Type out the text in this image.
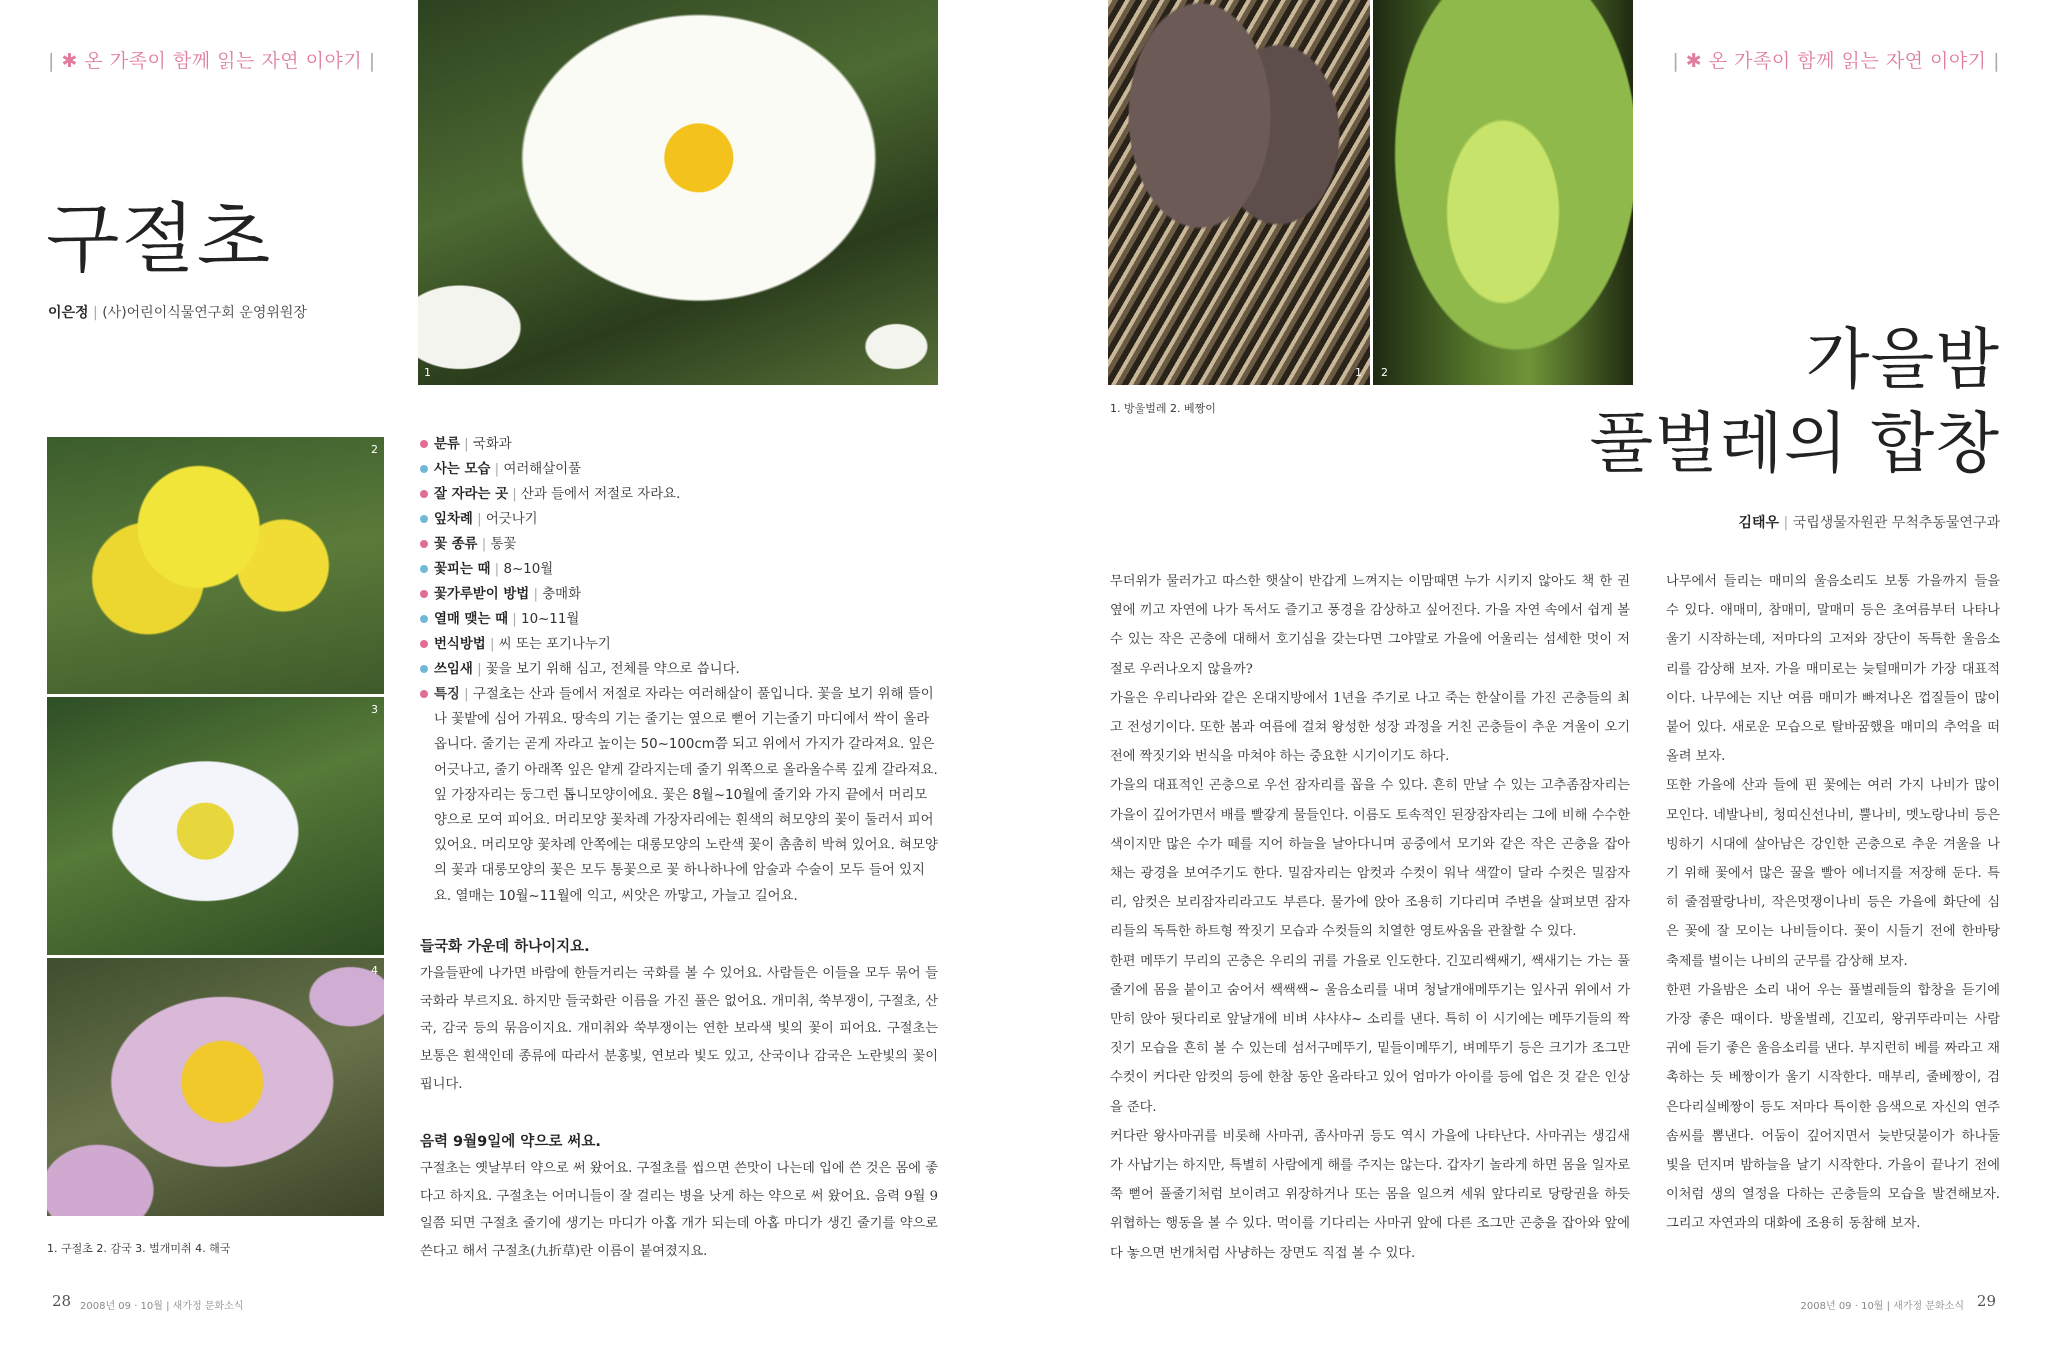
| ✱ 온 가족이 함께 읽는 자연 이야기 |
구절초
이은정 | (사)어린이식물연구회 운영위원장
1
2
3
4
1. 구절초 2. 감국 3. 벌개미취 4. 해국
분류 | 국화과
사는 모습 | 여러해살이풀
잘 자라는 곳 | 산과 들에서 저절로 자라요.
잎차례 | 어긋나기
꽃 종류 | 통꽃
꽃피는 때 | 8~10월
꽃가루받이 방법 | 충매화
열매 맺는 때 | 10~11월
번식방법 | 씨 또는 포기나누기
쓰임새 | 꽃을 보기 위해 심고, 전체를 약으로 씁니다.
특징 | 구절초는 산과 들에서 저절로 자라는 여러해살이 풀입니다. 꽃을 보기 위해 뜰이나 꽃밭에 심어 가꿔요. 땅속의 기는 줄기는 옆으로 뻗어 기는줄기 마디에서 싹이 올라옵니다. 줄기는 곧게 자라고 높이는 50~100cm쯤 되고 위에서 가지가 갈라져요. 잎은 어긋나고, 줄기 아래쪽 잎은 얕게 갈라지는데 줄기 위쪽으로 올라올수록 깊게 갈라져요. 잎 가장자리는 둥그런 톱니모양이에요. 꽃은 8월~10월에 줄기와 가지 끝에서 머리모양으로 모여 피어요. 머리모양 꽃차례 가장자리에는 흰색의 혀모양의 꽃이 둘러서 피어 있어요. 머리모양 꽃차례 안쪽에는 대롱모양의 노란색 꽃이 촘촘히 박혀 있어요. 혀모양의 꽃과 대롱모양의 꽃은 모두 통꽃으로 꽃 하나하나에 암술과 수술이 모두 들어 있지요. 열매는 10월~11월에 익고, 씨앗은 까맣고, 가늘고 길어요.
들국화 가운데 하나이지요.
가을들판에 나가면 바람에 한들거리는 국화를 볼 수 있어요. 사람들은 이들을 모두 묶어 들국화라 부르지요. 하지만 들국화란 이름을 가진 풀은 없어요. 개미취, 쑥부쟁이, 구절초, 산국, 감국 등의 묶음이지요. 개미취와 쑥부쟁이는 연한 보라색 빛의 꽃이 피어요. 구절초는 보통은 흰색인데 종류에 따라서 분홍빛, 연보라 빛도 있고, 산국이나 감국은 노란빛의 꽃이 핍니다.
음력 9월9일에 약으로 써요.
구절초는 옛날부터 약으로 써 왔어요. 구절초를 씹으면 쓴맛이 나는데 입에 쓴 것은 몸에 좋다고 하지요. 구절초는 어머니들이 잘 걸리는 병을 낫게 하는 약으로 써 왔어요. 음력 9월 9일쯤 되면 구절초 줄기에 생기는 마디가 아홉 개가 되는데 아홉 마디가 생긴 줄기를 약으로 쓴다고 해서 구절초(九折草)란 이름이 붙여졌지요.
28 2008년 09 · 10월 | 새가정 문화소식
| ✱ 온 가족이 함께 읽는 자연 이야기 |
1 2
1. 방울벌레 2. 베짱이
가을밤
풀벌레의 합창
김태우 | 국립생물자원관 무척추동물연구과
무더위가 물러가고 따스한 햇살이 반갑게 느껴지는 이맘때면 누가 시키지 않아도 책 한 권 옆에 끼고 자연에 나가 독서도 즐기고 풍경을 감상하고 싶어진다. 가을 자연 속에서 쉽게 볼 수 있는 작은 곤충에 대해서 호기심을 갖는다면 그야말로 가을에 어울리는 섬세한 멋이 저절로 우러나오지 않을까?
가을은 우리나라와 같은 온대지방에서 1년을 주기로 나고 죽는 한살이를 가진 곤충들의 최고 전성기이다. 또한 봄과 여름에 걸쳐 왕성한 성장 과정을 거친 곤충들이 추운 겨울이 오기 전에 짝짓기와 번식을 마쳐야 하는 중요한 시기이기도 하다.
가을의 대표적인 곤충으로 우선 잠자리를 꼽을 수 있다. 흔히 만날 수 있는 고추좀잠자리는 가을이 깊어가면서 배를 빨갛게 물들인다. 이름도 토속적인 된장잠자리는 그에 비해 수수한 색이지만 많은 수가 떼를 지어 하늘을 날아다니며 공중에서 모기와 같은 작은 곤충을 잡아채는 광경을 보여주기도 한다. 밀잠자리는 암컷과 수컷이 워낙 색깔이 달라 수컷은 밀잠자리, 암컷은 보리잠자리라고도 부른다. 물가에 앉아 조용히 기다리며 주변을 살펴보면 잠자리들의 독특한 하트형 짝짓기 모습과 수컷들의 치열한 영토싸움을 관찰할 수 있다.
한편 메뚜기 무리의 곤충은 우리의 귀를 가을로 인도한다. 긴꼬리쌕쌔기, 쌕새기는 가는 풀줄기에 몸을 붙이고 숨어서 쌕쌕쌕~ 울음소리를 내며 청날개애메뚜기는 잎사귀 위에서 가만히 앉아 뒷다리로 앞날개에 비벼 샤샤샤~ 소리를 낸다. 특히 이 시기에는 메뚜기들의 짝짓기 모습을 흔히 볼 수 있는데 섬서구메뚜기, 밑들이메뚜기, 벼메뚜기 등은 크기가 조그만 수컷이 커다란 암컷의 등에 한참 동안 올라타고 있어 엄마가 아이를 등에 업은 것 같은 인상을 준다.
커다란 왕사마귀를 비롯해 사마귀, 좀사마귀 등도 역시 가을에 나타난다. 사마귀는 생김새가 사납기는 하지만, 특별히 사람에게 해를 주지는 않는다. 갑자기 놀라게 하면 몸을 일자로 쭉 뻗어 풀줄기처럼 보이려고 위장하거나 또는 몸을 일으켜 세워 앞다리로 당랑권을 하듯 위협하는 행동을 볼 수 있다. 먹이를 기다리는 사마귀 앞에 다른 조그만 곤충을 잡아와 앞에다 놓으면 번개처럼 사냥하는 장면도 직접 볼 수 있다.
나무에서 들리는 매미의 울음소리도 보통 가을까지 들을 수 있다. 애매미, 참매미, 말매미 등은 초여름부터 나타나 울기 시작하는데, 저마다의 고저와 장단이 독특한 울음소리를 감상해 보자. 가을 매미로는 늦털매미가 가장 대표적이다. 나무에는 지난 여름 매미가 빠져나온 껍질들이 많이 붙어 있다. 새로운 모습으로 탈바꿈했을 매미의 추억을 떠올려 보자.
또한 가을에 산과 들에 핀 꽃에는 여러 가지 나비가 많이 모인다. 네발나비, 청띠신선나비, 뿔나비, 멧노랑나비 등은 빙하기 시대에 살아남은 강인한 곤충으로 추운 겨울을 나기 위해 꽃에서 많은 꿀을 빨아 에너지를 저장해 둔다. 특히 줄점팔랑나비, 작은멋쟁이나비 등은 가을에 화단에 심은 꽃에 잘 모이는 나비들이다. 꽃이 시들기 전에 한바탕 축제를 벌이는 나비의 군무를 감상해 보자.
한편 가을밤은 소리 내어 우는 풀벌레들의 합창을 듣기에 가장 좋은 때이다. 방울벌레, 긴꼬리, 왕귀뚜라미는 사람 귀에 듣기 좋은 울음소리를 낸다. 부지런히 베를 짜라고 재촉하는 듯 베짱이가 울기 시작한다. 매부리, 줄베짱이, 검은다리실베짱이 등도 저마다 특이한 음색으로 자신의 연주 솜씨를 뽐낸다. 어둠이 깊어지면서 늦반딧불이가 하나둘 빛을 던지며 밤하늘을 날기 시작한다. 가을이 끝나기 전에 이처럼 생의 열정을 다하는 곤충들의 모습을 발견해보자. 그리고 자연과의 대화에 조용히 동참해 보자.
2008년 09 · 10월 | 새가정 문화소식 29
